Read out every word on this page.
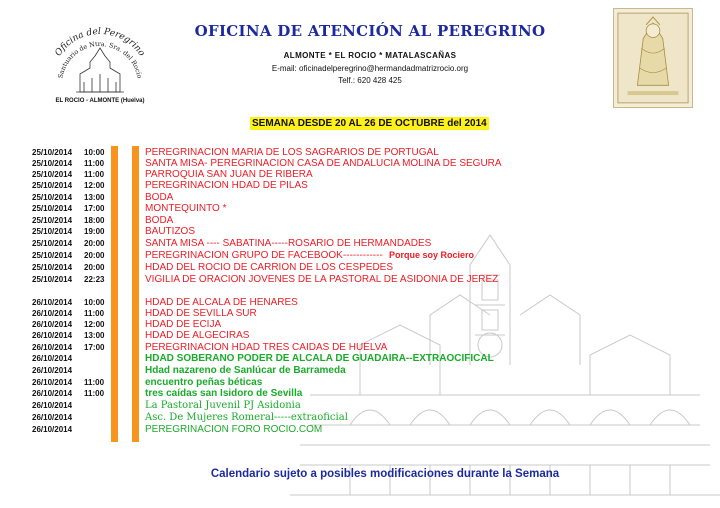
Oficina del Peregrino
Santuario de Ntra. Sra. del Rocío
EL ROCIO - ALMONTE (Huelva)
OFICINA DE ATENCIÓN AL PEREGRINO
ALMONTE * EL ROCIO * MATALASCAÑAS
E-mail: oficinadelperegrino@hermandadmatrizrocio.org
Telf.: 620 428 425
SEMANA DESDE 20 AL 26 DE OCTUBRE del 2014
25/10/2014 10:00	PEREGRINACION MARIA DE LOS SAGRARIOS DE PORTUGAL
25/10/2014 11:00	SANTA MISA- PEREGRINACION CASA DE ANDALUCIA MOLINA DE SEGURA
25/10/2014 11:00	PARROQUIA SAN JUAN DE RIBERA
25/10/2014 12:00	PEREGRINACION HDAD DE PILAS
25/10/2014 13:00	BODA
25/10/2014 17:00	MONTEQUINTO *
25/10/2014 18:00	BODA
25/10/2014 19:00	BAUTIZOS
25/10/2014 20:00	SANTA MISA ---- SABATINA-----ROSARIO DE HERMANDADES
25/10/2014 20:00	PEREGRINACION GRUPO DE FACEBOOK------------ Porque soy Rociero
25/10/2014 20:00	HDAD DEL ROCIO DE CARRION DE LOS CESPEDES
25/10/2014 22:23	VIGILIA DE ORACION JOVENES DE LA PASTORAL DE ASIDONIA DE JEREZ
26/10/2014 10:00	HDAD DE ALCALA DE HENARES
26/10/2014 11:00	HDAD DE SEVILLA SUR
26/10/2014 12:00	HDAD DE ECIJA
26/10/2014 13:00	HDAD DE ALGECIRAS
26/10/2014 17:00	PEREGRINACION HDAD TRES CAIDAS DE HUELVA
26/10/2014	HDAD SOBERANO PODER DE ALCALA DE GUADAIRA--EXTRAOCIFICAL
26/10/2014	Hdad nazareno de Sanlúcar de Barrameda
26/10/2014 11:00	encuentro peñas béticas
26/10/2014 11:00	tres caídas san Isidoro de Sevilla
26/10/2014	La Pastoral Juvenil PJ Asidonia
26/10/2014	Asc. De Mujeres Romeral-----extraoficial
26/10/2014	PEREGRINACION FORO ROCIO.COM
Calendario sujeto a posibles modificaciones durante la Semana
